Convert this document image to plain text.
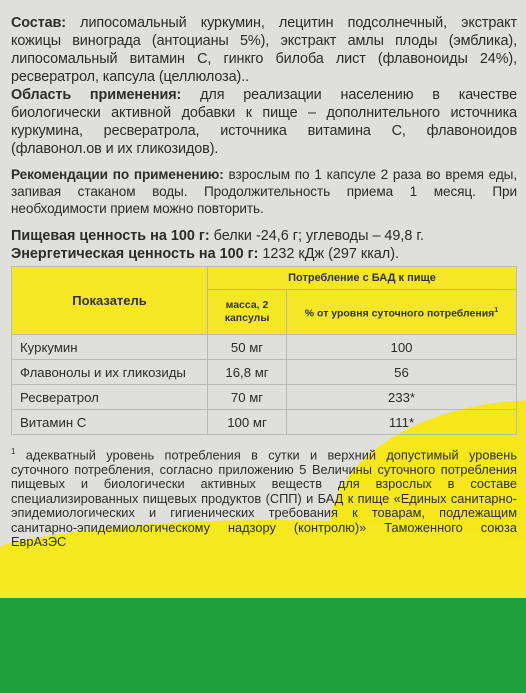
Состав: липосомальный куркумин, лецитин подсолнечный, экстракт кожицы винограда (антоцианы 5%), экстракт амлы плоды (эмблика), липосомальный витамин С, гинкго билоба лист (флавоноиды 24%), ресвератрол, капсула (целлюлоза)..

Область применения: для реализации населению в качестве биологически активной добавки к пище – дополнительного источника куркумина, ресвератрола, источника витамина С, флавоноидов (флавонол.ов и их гликозидов).

Рекомендации по применению: взрослым по 1 капсуле 2 раза во время еды, запивая стаканом воды. Продолжительность приема 1 месяц. При необходимости прием можно повторить.

Пищевая ценность на 100 г: белки -24,6 г; углеводы – 49,8 г.

Энергетическая ценность на 100 г: 1232 кДж (297 ккал).

Показатель	Потребление с БАД к пище	
	масса, 2 капсулы	% от уровня суточного потребления$^1$
Куркумин	50 мг	100
Флавонолы и их гликозиды	16,8 мг	56
Ресвератрол	70 мг	233*
Витамин С	100 мг	111*

$^1$ адекватный уровень потребления в сутки и верхний допустимый уровень суточного потребления, согласно приложению 5 Величины суточного потребления пищевых и биологически активных веществ для взрослых в составе специализированных пищевых продуктов (СПП) и БАД к пище «Единых санитарно-эпидемиологических и гигиенических требования к товарам, подлежащим санитарно-эпидемиологическому надзору (контролю)» Таможенного союза ЕврАзЭС
